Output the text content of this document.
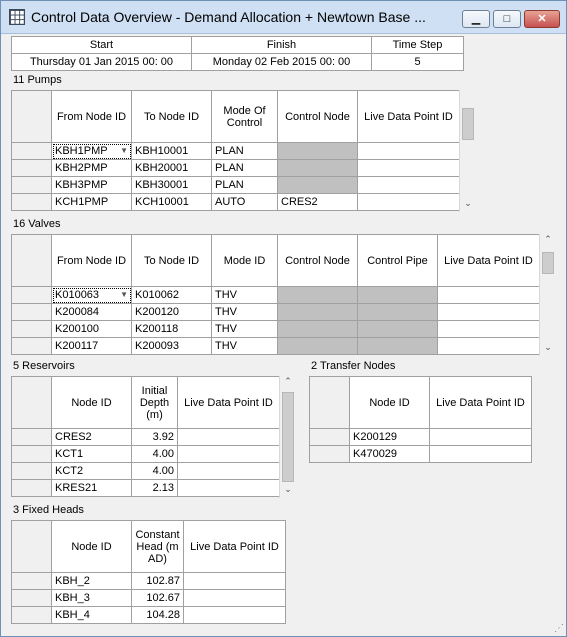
Control Data Overview - Demand Allocation + Newtown Base ...	▁	□	✕
Start	Finish	Time Step
Thursday 01 Jan 2015 00: 00	Monday 02 Feb 2015 00: 00	5
11 Pumps
	From Node ID	To Node ID	Mode Of Control	Control Node	Live Data Point ID
	KBH1PMP ▼	KBH10001	PLAN		
	KBH2PMP	KBH20001	PLAN		
	KBH3PMP	KBH30001	PLAN		
	KCH1PMP	KCH10001	AUTO	CRES2		⌄
16 Valves
	From Node ID	To Node ID	Mode ID	Control Node	Control Pipe	Live Data Point ID
	K010063 ▼	K010062	THV			
	K200084	K200120	THV			
	K200100	K200118	THV			
	K200117	K200093	THV			
⌃
⌄
5 Reservoirs
	Node ID	Initial Depth (m)	Live Data Point ID
	CRES2	3.92	
	KCT1	4.00	
	KCT2	4.00	
	KRES21	2.13	
⌃
⌄
2 Transfer Nodes
	Node ID	Live Data Point ID
	K200129	
	K470029	
3 Fixed Heads
	Node ID	Constant Head (m AD)	Live Data Point ID
	KBH_2	102.87	
	KBH_3	102.67	
	KBH_4	104.28	
⋰
